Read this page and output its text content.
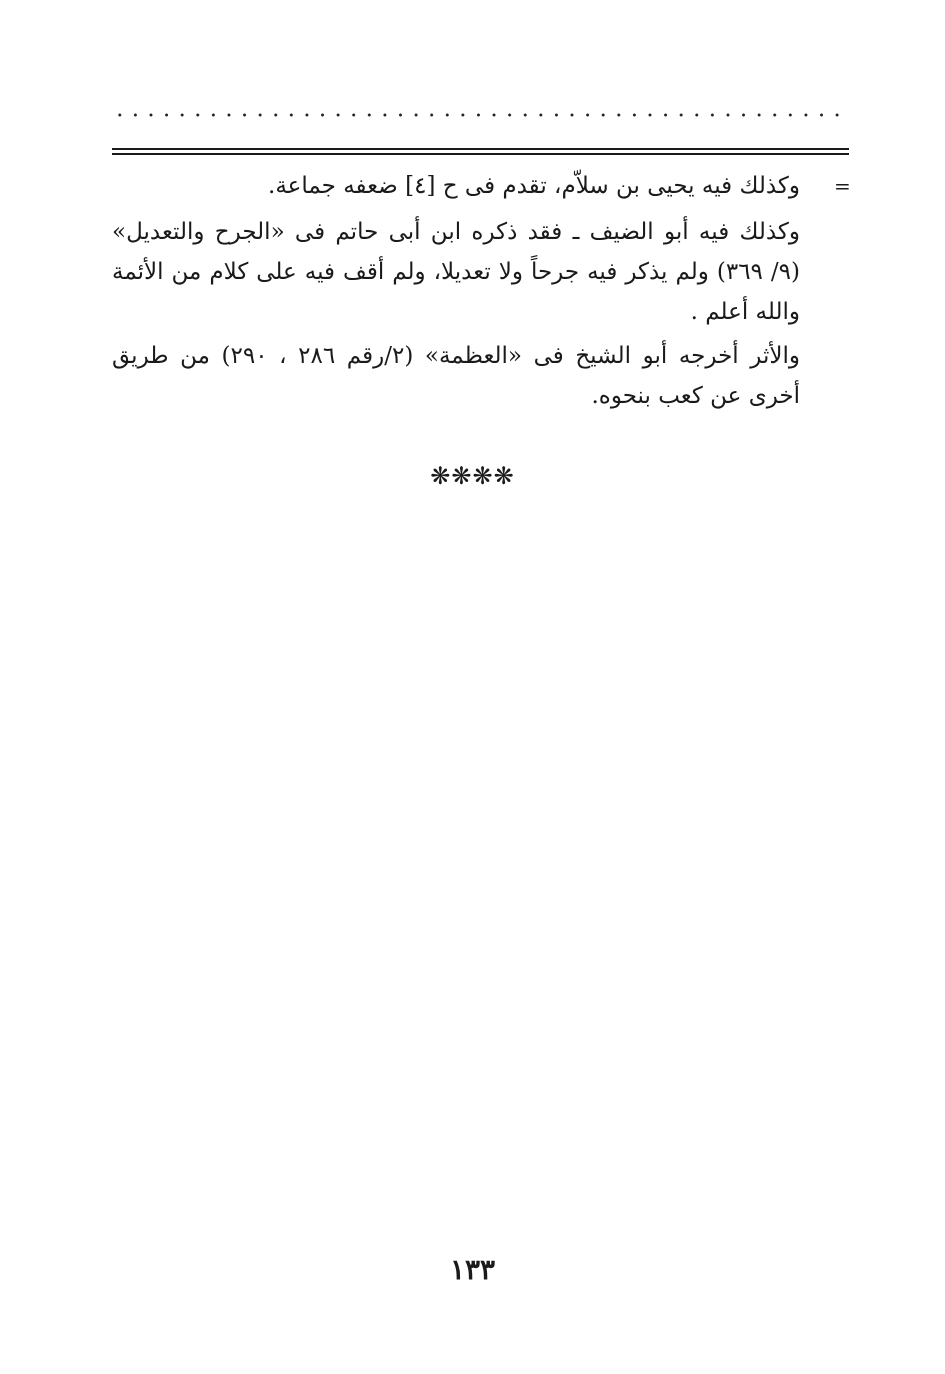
=

وكذلك فيه يحيى بن سلاّم، تقدم فى ح [٤] ضعفه جماعة.

وكذلك فيه أبو الضيف ـ فقد ذكره ابن أبى حاتم فى «الجرح والتعديل» (٩/ ٣٦٩) ولم يذكر فيه جرحاً ولا تعديلا، ولم أقف فيه على كلام من الأئمة والله أعلم .

والأثر أخرجه أبو الشيخ فى «العظمة» (٢/رقم ٢٨٦ ، ٢٩٠) من طريق أخرى عن كعب بنحوه.

❋❋❋❋
١٣٣
